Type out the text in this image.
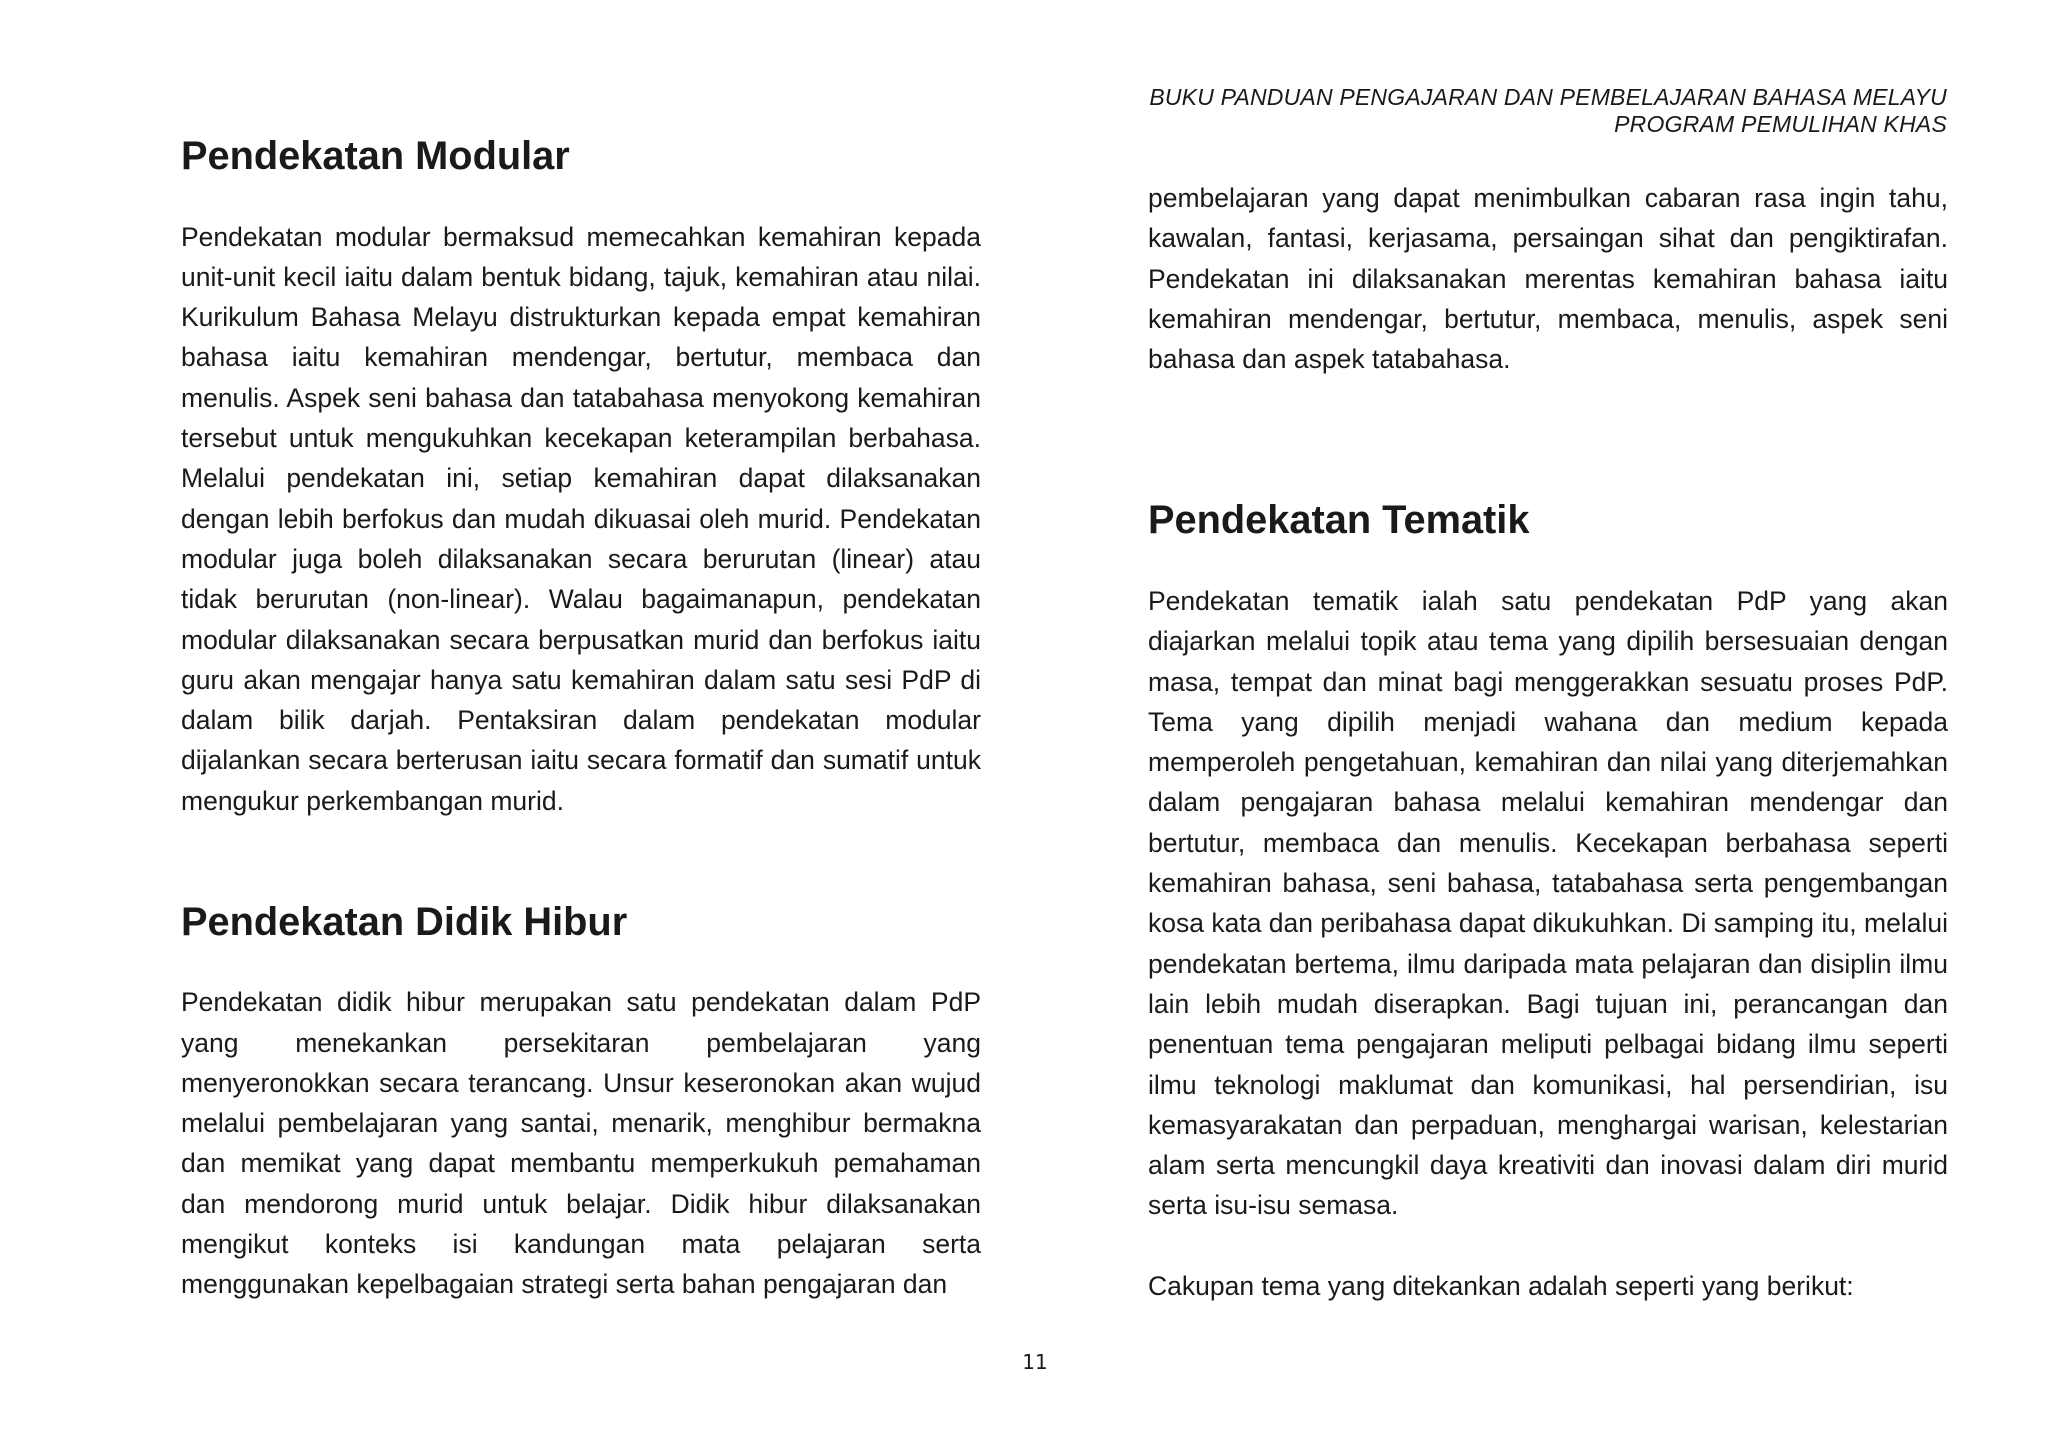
BUKU PANDUAN PENGAJARAN DAN PEMBELAJARAN BAHASA MELAYU
PROGRAM PEMULIHAN KHAS
Pendekatan Modular

Pendekatan modular bermaksud memecahkan kemahiran kepada

unit-unit kecil iaitu dalam bentuk bidang, tajuk, kemahiran atau nilai.

Kurikulum Bahasa Melayu distrukturkan kepada empat kemahiran

bahasa iaitu kemahiran mendengar, bertutur, membaca dan

menulis. Aspek seni bahasa dan tatabahasa menyokong kemahiran

tersebut untuk mengukuhkan kecekapan keterampilan berbahasa.

Melalui pendekatan ini, setiap kemahiran dapat dilaksanakan

dengan lebih berfokus dan mudah dikuasai oleh murid. Pendekatan

modular juga boleh dilaksanakan secara berurutan (linear) atau

tidak berurutan (non-linear). Walau bagaimanapun, pendekatan

modular dilaksanakan secara berpusatkan murid dan berfokus iaitu

guru akan mengajar hanya satu kemahiran dalam satu sesi PdP di

dalam bilik darjah. Pentaksiran dalam pendekatan modular

dijalankan secara berterusan iaitu secara formatif dan sumatif untuk

mengukur perkembangan murid.

Pendekatan Didik Hibur

Pendekatan didik hibur merupakan satu pendekatan dalam PdP

yang menekankan persekitaran pembelajaran yang

menyeronokkan secara terancang. Unsur keseronokan akan wujud

melalui pembelajaran yang santai, menarik, menghibur bermakna

dan memikat yang dapat membantu memperkukuh pemahaman

dan mendorong murid untuk belajar. Didik hibur dilaksanakan

mengikut konteks isi kandungan mata pelajaran serta

menggunakan kepelbagaian strategi serta bahan pengajaran dan

pembelajaran yang dapat menimbulkan cabaran rasa ingin tahu,

kawalan, fantasi, kerjasama, persaingan sihat dan pengiktirafan.

Pendekatan ini dilaksanakan merentas kemahiran bahasa iaitu

kemahiran mendengar, bertutur, membaca, menulis, aspek seni

bahasa dan aspek tatabahasa.

Pendekatan Tematik

Pendekatan tematik ialah satu pendekatan PdP yang akan

diajarkan melalui topik atau tema yang dipilih bersesuaian dengan

masa, tempat dan minat bagi menggerakkan sesuatu proses PdP.

Tema yang dipilih menjadi wahana dan medium kepada

memperoleh pengetahuan, kemahiran dan nilai yang diterjemahkan

dalam pengajaran bahasa melalui kemahiran mendengar dan

bertutur, membaca dan menulis. Kecekapan berbahasa seperti

kemahiran bahasa, seni bahasa, tatabahasa serta pengembangan

kosa kata dan peribahasa dapat dikukuhkan. Di samping itu, melalui

pendekatan bertema, ilmu daripada mata pelajaran dan disiplin ilmu

lain lebih mudah diserapkan. Bagi tujuan ini, perancangan dan

penentuan tema pengajaran meliputi pelbagai bidang ilmu seperti

ilmu teknologi maklumat dan komunikasi, hal persendirian, isu

kemasyarakatan dan perpaduan, menghargai warisan, kelestarian

alam serta mencungkil daya kreativiti dan inovasi dalam diri murid

serta isu-isu semasa.

Cakupan tema yang ditekankan adalah seperti yang berikut:

11
